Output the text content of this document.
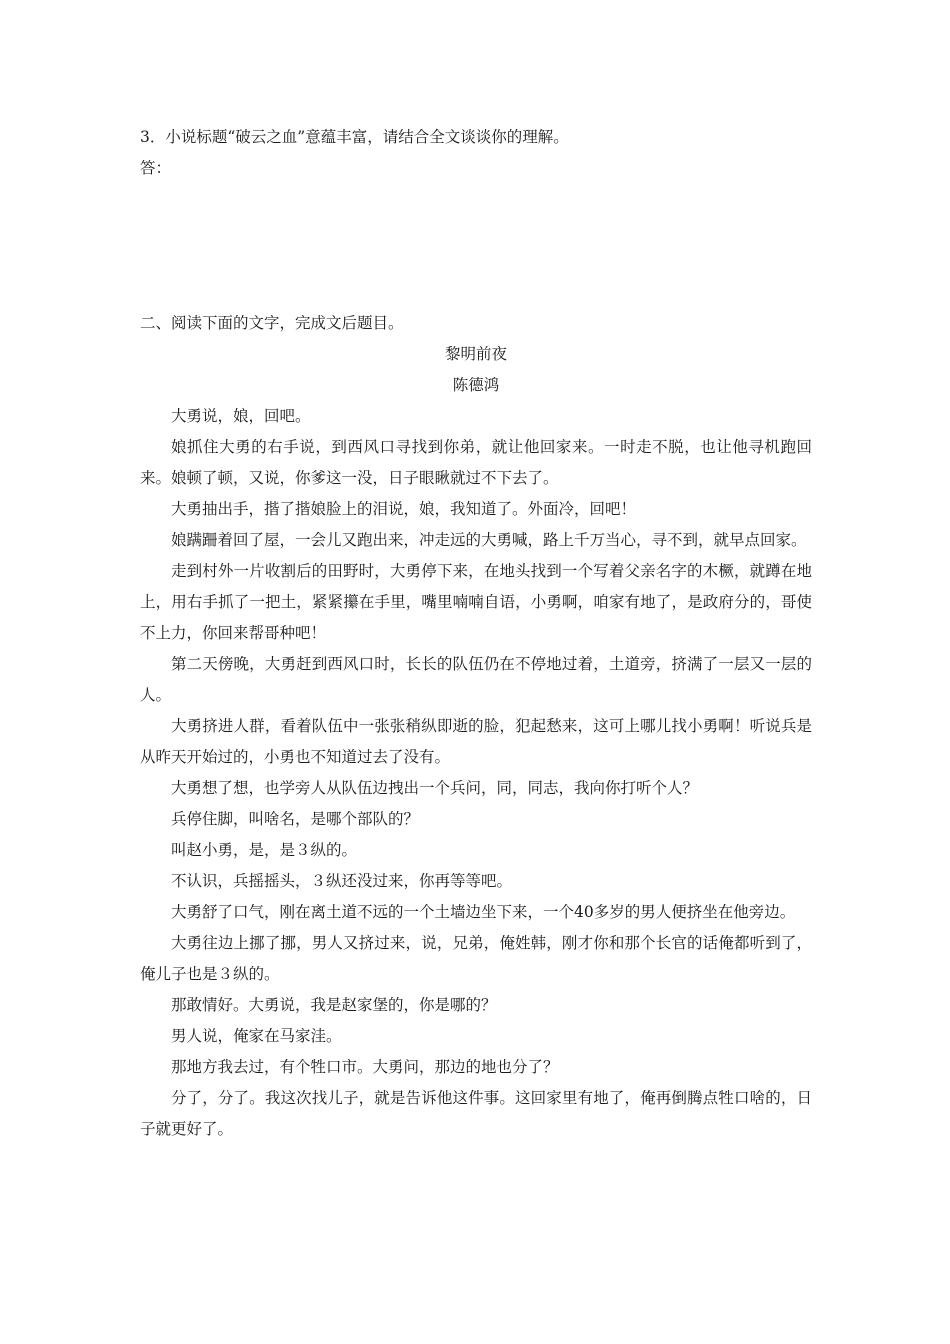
3．小说标题“破云之血”意蕴丰富，请结合全文谈谈你的理解。

答：

二、阅读下面的文字，完成文后题目。

黎明前夜

陈德鸿

大勇说，娘，回吧。

娘抓住大勇的右手说，到西风口寻找到你弟，就让他回家来。一时走不脱，也让他寻机跑回来。娘顿了顿，又说，你爹这一没，日子眼瞅就过不下去了。

大勇抽出手，揩了揩娘脸上的泪说，娘，我知道了。外面冷，回吧！

娘蹒跚着回了屋，一会儿又跑出来，冲走远的大勇喊，路上千万当心，寻不到，就早点回家。

走到村外一片收割后的田野时，大勇停下来，在地头找到一个写着父亲名字的木橛，就蹲在地上，用右手抓了一把土，紧紧攥在手里，嘴里喃喃自语，小勇啊，咱家有地了，是政府分的，哥使不上力，你回来帮哥种吧！

第二天傍晚，大勇赶到西风口时，长长的队伍仍在不停地过着，土道旁，挤满了一层又一层的人。

大勇挤进人群，看着队伍中一张张稍纵即逝的脸，犯起愁来，这可上哪儿找小勇啊！听说兵是从昨天开始过的，小勇也不知道过去了没有。

大勇想了想，也学旁人从队伍边拽出一个兵问，同，同志，我向你打听个人？

兵停住脚，叫啥名，是哪个部队的？

叫赵小勇，是，是３纵的。

不认识，兵摇摇头，３纵还没过来，你再等等吧。

大勇舒了口气，刚在离土道不远的一个土墙边坐下来，一个40多岁的男人便挤坐在他旁边。

大勇往边上挪了挪，男人又挤过来，说，兄弟，俺姓韩，刚才你和那个长官的话俺都听到了，俺儿子也是３纵的。

那敢情好。大勇说，我是赵家堡的，你是哪的？

男人说，俺家在马家洼。

那地方我去过，有个牲口市。大勇问，那边的地也分了？

分了，分了。我这次找儿子，就是告诉他这件事。这回家里有地了，俺再倒腾点牲口啥的，日子就更好了。
